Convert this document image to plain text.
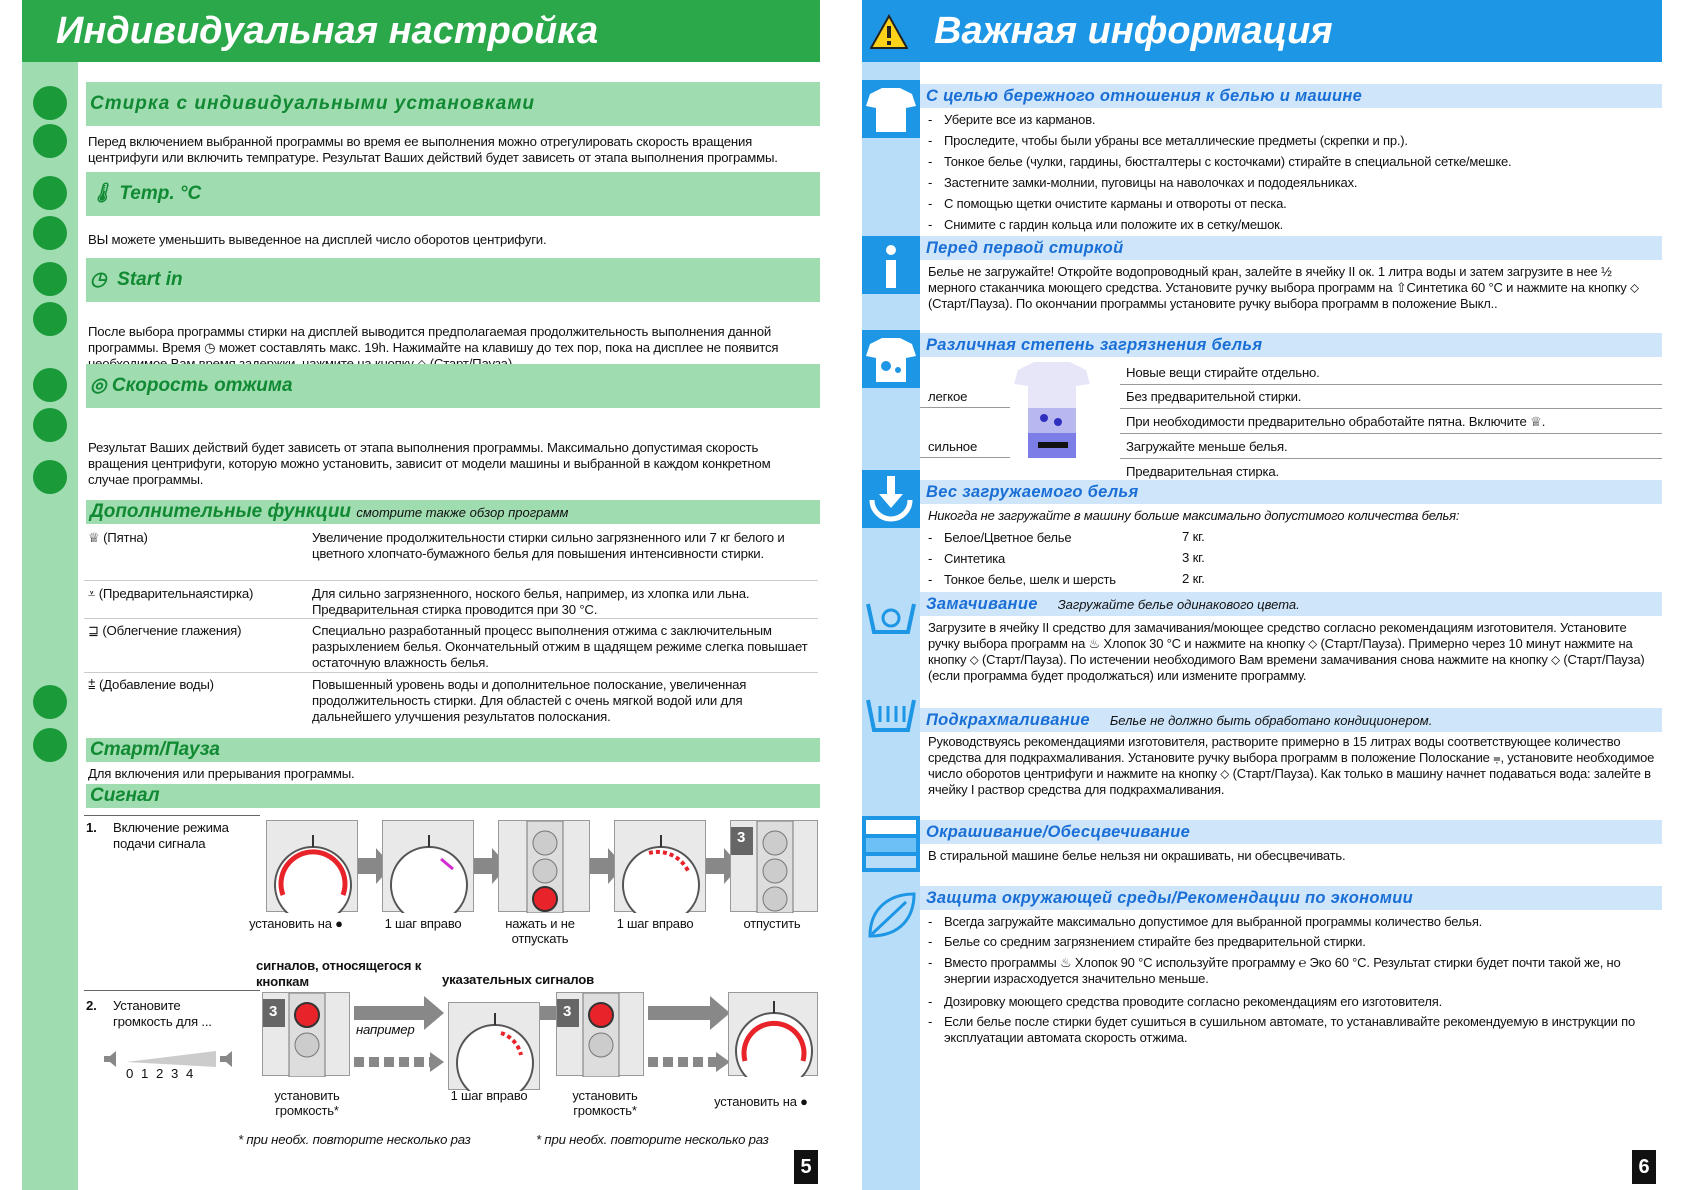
Индивидуальная настройка
Стирка с индивидуальными установками
Перед включением выбранной программы во время ее выполнения можно отрегулировать скорость вращения центрифуги или включить темпратуре. Результат Ваших действий будет зависеть от этапа выполнения программы.
🌡 Temp. °C
ВЫ можете уменьшить выведенное на дисплей число оборотов центрифуги.
◷ Start in
После выбора программы стирки на дисплей выводится предполагаемая продолжительность выполнения данной программы. Время ◷ может составлять макс. 19h. Нажимайте на клавишу до тех пор, пока на дисплее не появится
◎ Скорость отжима
Результат Ваших действий будет зависеть от этапа выполнения программы. Максимально допустимая скорость вращения центрифуги, которую можно установить, зависит от модели машины и выбранной в каждом конкретном случае программы.
Дополнительные функции смотрите также обзор программ
♕ (Пятна)	Увеличение продолжительности стирки сильно загрязненного или 7 кг белого и цветного хлопчато-бумажного белья для повышения интенсивности стирки.
⩡ (Предварительнаястирка)	Для сильно загрязненного, ноского белья, например, из хлопка или льна. Предварительная стирка проводится при 30 °C.
⊒ (Облегчение глажения)	Специально разработанный процесс выполнения отжима с заключительным разрыхлением белья. Окончательный отжим в щадящем режиме слегка повышает остаточную влажность белья.
⩲ (Добавление воды)	Повышенный уровень воды и дополнительное полоскание, увеличенная продолжительность стирки. Для областей с очень мягкой водой или для дальнейшего улучшения результатов полоскания.
Старт/Пауза
Для включения или прерывания программы.
Сигнал
1. Включение режима подачи сигнала	3
установить на ●	1 шаг вправо	нажать и не отпускать
1 шаг вправо	отпустить
сигналов, относящегося к кнопкам	указательных сигналов
2. Установите громкость для ...
0 1 2 3 4
3
например
3
установить громкость*
1 шаг вправо	установить громкость*
установить на ●
* при необх. повторите несколько раз	* при необх. повторите несколько раз
5
Важная информация
С целью бережного отношения к белью и машине
- Уберите все из карманов.
- Проследите, чтобы были убраны все металлические предметы (скрепки и пр.).
- Тонкое белье (чулки, гардины, бюстгалтеры с косточками) стирайте в специальной сетке/мешке.
- Застегните замки-молнии, пуговицы на наволочках и пододеяльниках.
- С помощью щетки очистите карманы и отвороты от песка.
- Снимите с гардин кольца или положите их в сетку/мешок.
Перед первой стиркой
Белье не загружайте! Откройте водопроводный кран, залейте в ячейку II ок. 1 литра воды и затем загрузите в нее ½ мерного стаканчика моющего средства. Установите ручку выбора программ на ⇧Синтетика 60 °C и нажмите на кнопку ⬦ (Старт/Пауза). По окончании программы установите ручку выбора программ в положение Выкл..
Различная степень загрязнения белья
легкое
сильное
Новые вещи стирайте отдельно.
Без предварительной стирки.
При необходимости предварительно обработайте пятна. Включите ♕.
Загружайте меньше белья.
Предварительная стирка.
Вес загружаемого белья
Никогда не загружайте в машину больше максимально допустимого количества белья:
- Белое/Цветное белье	7 кг.
- Синтетика	3 кг.
- Тонкое белье, шелк и шерсть	2 кг.
Замачивание Загружайте белье одинакового цвета.
Загрузите в ячейку II средство для замачивания/моющее средство согласно рекомендациям изготовителя. Установите ручку выбора программ на ♨ Хлопок 30 °C и нажмите на кнопку ⬦ (Старт/Пауза). Примерно через 10 минут нажмите на кнопку ⬦ (Старт/Пауза). По истечении необходимого Вам времени замачивания снова нажмите на кнопку ⬦ (Старт/Пауза) (если программа будет продолжаться) или измените программу.
Подкрахмаливание Белье не должно быть обработано кондиционером.
Руководствуясь рекомендациями изготовителя, растворите примерно в 15 литрах воды соответствующее количество средства для подкрахмаливания. Установите ручку выбора программ в положение Полоскание ⩦, установите необходимое число оборотов центрифуги и нажмите на кнопку ⬦ (Старт/Пауза). Как только в машину начнет подаваться вода: залейте в ячейку I раствор средства для подкрахмаливания.
Окрашивание/Обесцвечивание
В стиральной машине белье нельзя ни окрашивать, ни обесцвечивать.
Защита окружающей среды/Рекомендации по экономии
- Всегда загружайте максимально допустимое для выбранной программы количество белья.
- Белье со средним загрязнением стирайте без предварительной стирки.
- Вместо программы ♨ Хлопок 90 °C используйте программу ℮ Эко 60 °C. Результат стирки будет почти такой же, но энергии израсходуется значительно меньше.
- Дозировку моющего средства проводите согласно рекомендациям его изготовителя.
- Если белье после стирки будет сушиться в сушильном автомате, то устанавливайте рекомендуемую в инструкции по эксплуатации автомата скорость отжима.
6
